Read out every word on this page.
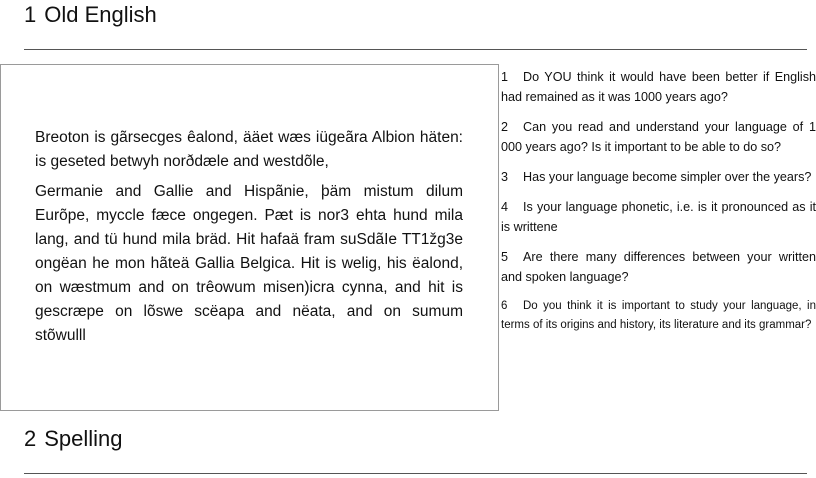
1 Old English

Breoton is gãrsecges êalond, ääet wæs iügeãra Albion häten: is geseted betwyh norðdæle and westdõle,

Germanie and Gallie and Hispãnie, þäm mistum dilum Eurõpe, myccle fæce ongegen. Pæt is nor3 ehta hund mila lang, and tü hund mila bräd. Hit hafaä fram suSdãIe TT1žg3e ongëan he mon hãteä Gallia Belgica. Hit is welig, his ëalond, on wæstmum and on trêowum misen)icra cynna, and hit is gescræpe on lõswe scëapa and nëata, and on sumum stõwulll

1 Do YOU think it would have been better if English had remained as it was 1000 years ago?
2 Can you read and understand your language of 1 000 years ago? Is it important to be able to do so?
3 Has your language become simpler over the years?
4 Is your language phonetic, i.e. is it pronounced as it is writtene
5 Are there many differences between your written and spoken language?
6 Do you think it is important to study your language, in terms of its origins and history, its literature and its grammar?
2 Spelling
